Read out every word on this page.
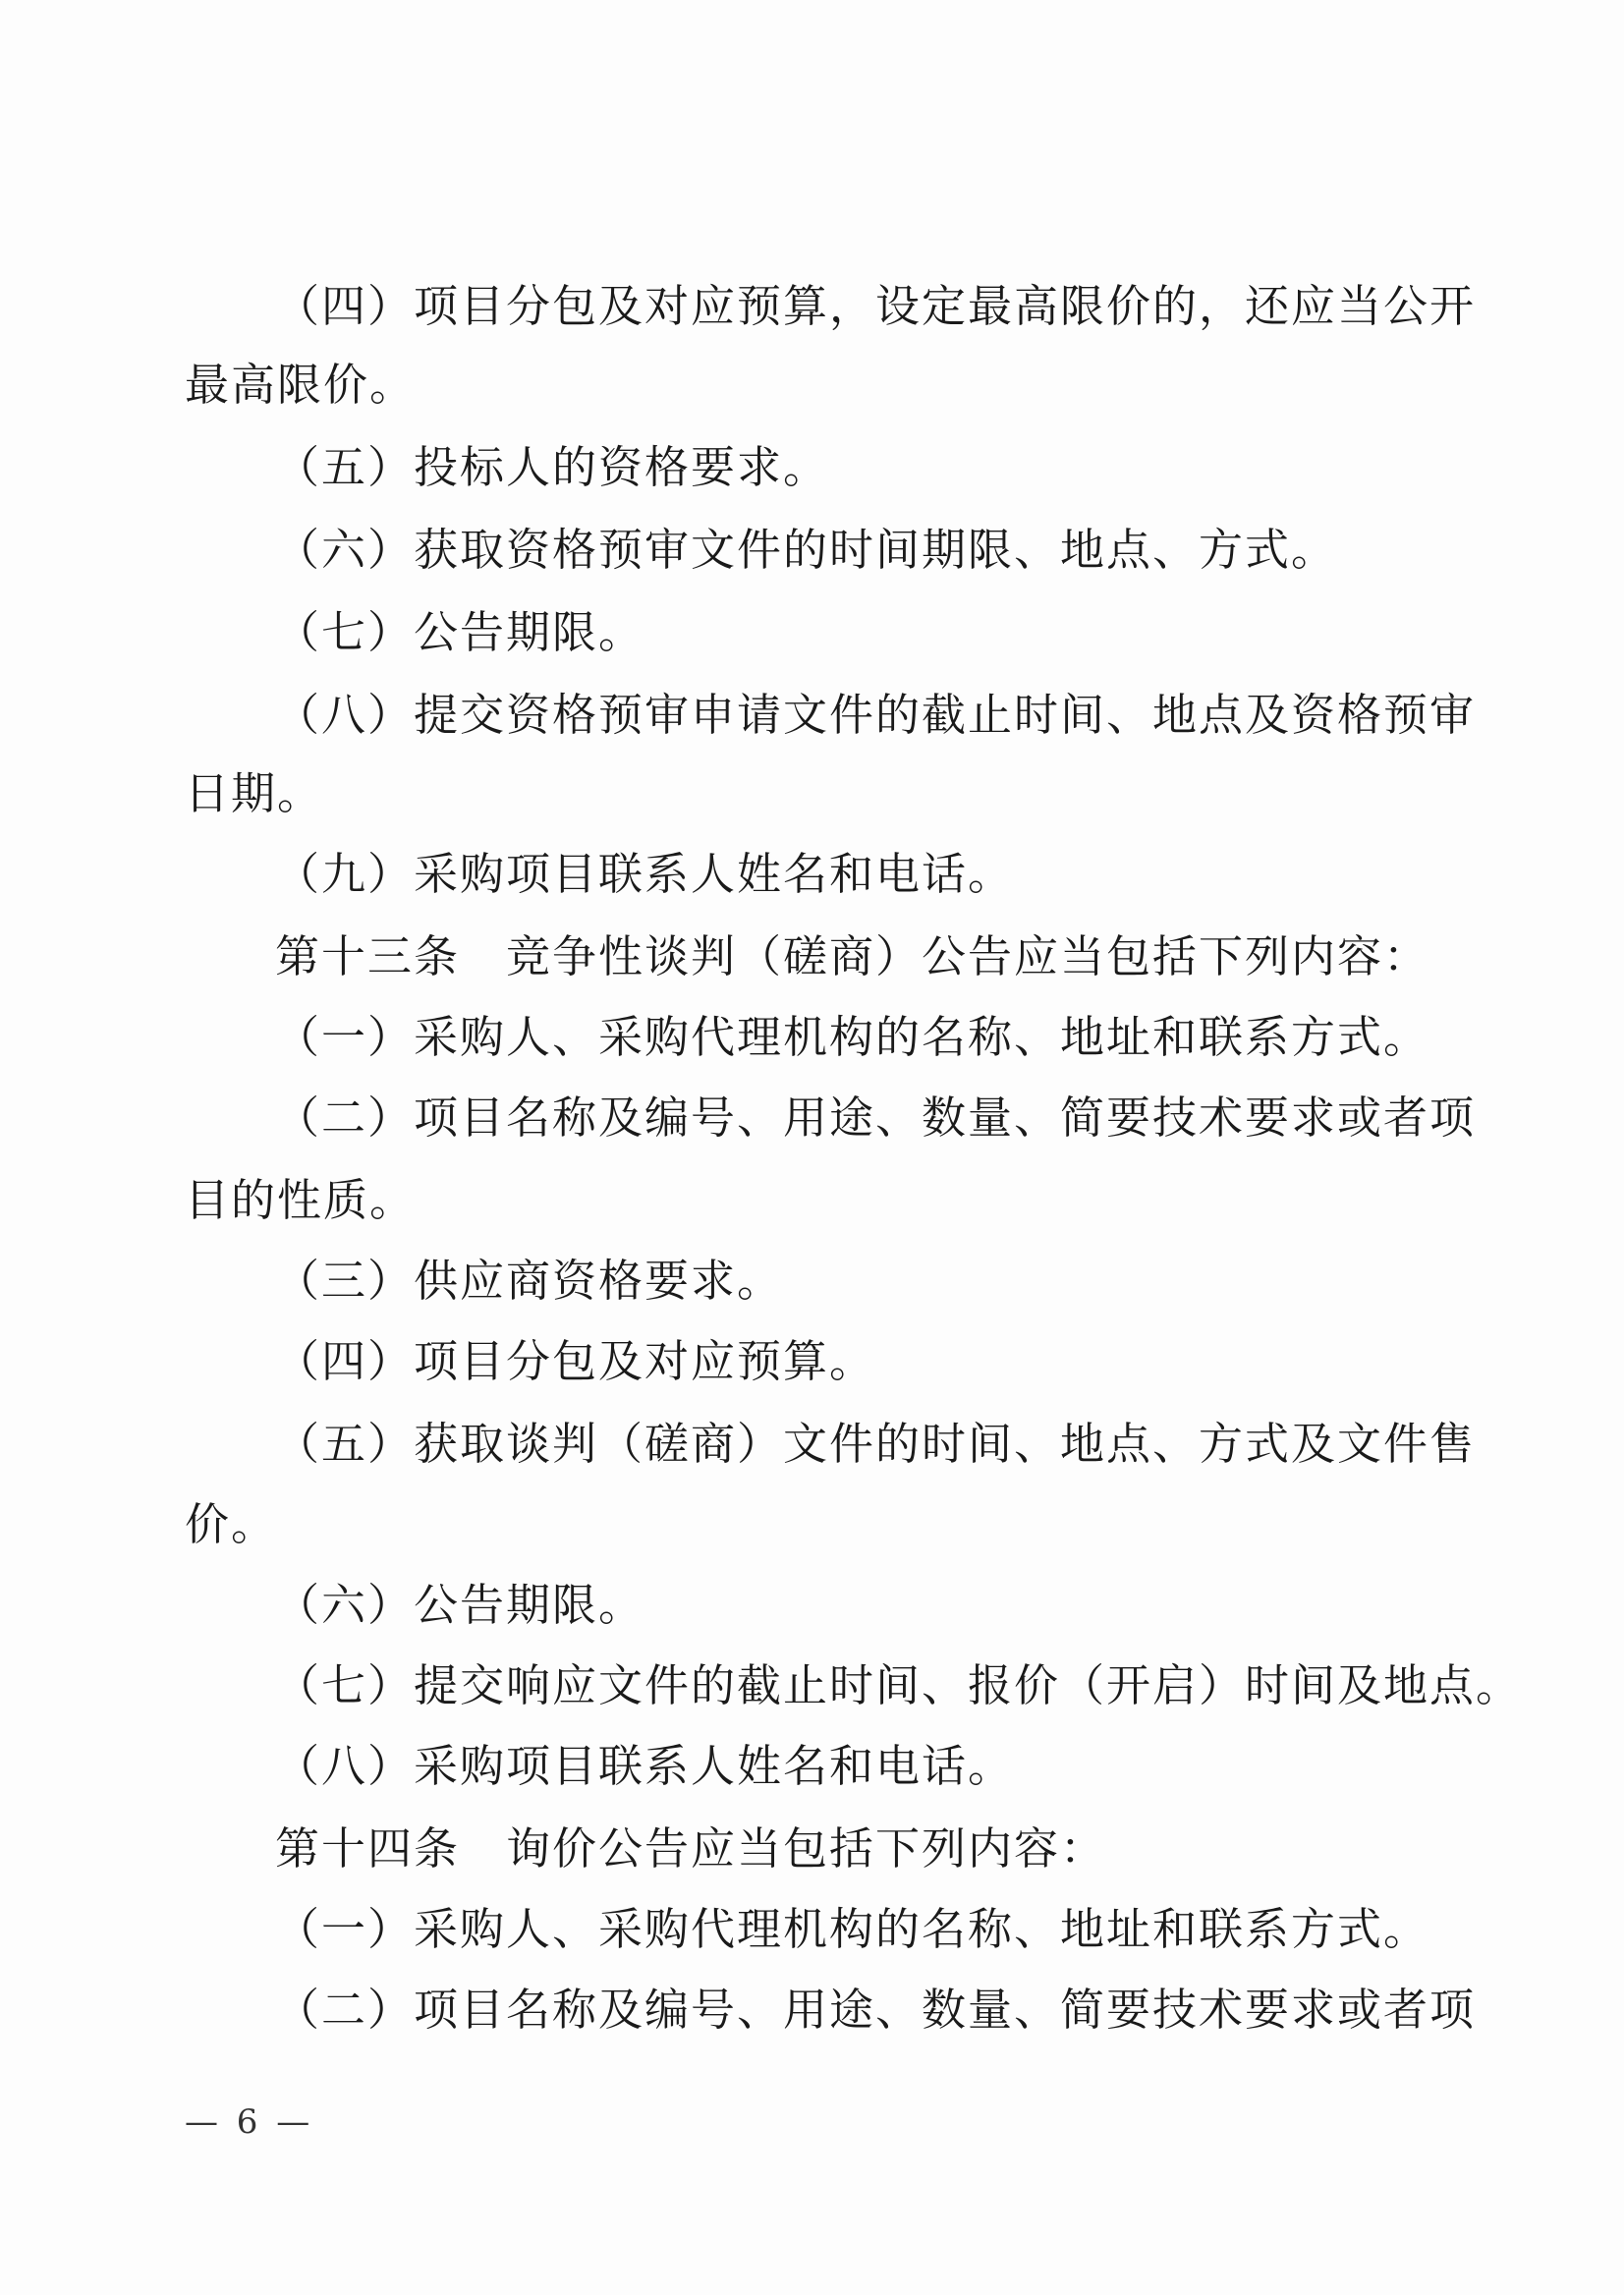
（四）项目分包及对应预算，设定最高限价的，还应当公开
最高限价。
（五）投标人的资格要求。
（六）获取资格预审文件的时间期限、地点、方式。
（七）公告期限。
（八）提交资格预审申请文件的截止时间、地点及资格预审
日期。
（九）采购项目联系人姓名和电话。
第十三条　竞争性谈判（磋商）公告应当包括下列内容：
（一）采购人、采购代理机构的名称、地址和联系方式。
（二）项目名称及编号、用途、数量、简要技术要求或者项
目的性质。
（三）供应商资格要求。
（四）项目分包及对应预算。
（五）获取谈判（磋商）文件的时间、地点、方式及文件售
价。
（六）公告期限。
（七）提交响应文件的截止时间、报价（开启）时间及地点。
（八）采购项目联系人姓名和电话。
第十四条　询价公告应当包括下列内容：
（一）采购人、采购代理机构的名称、地址和联系方式。
（二）项目名称及编号、用途、数量、简要技术要求或者项
— 6 —
